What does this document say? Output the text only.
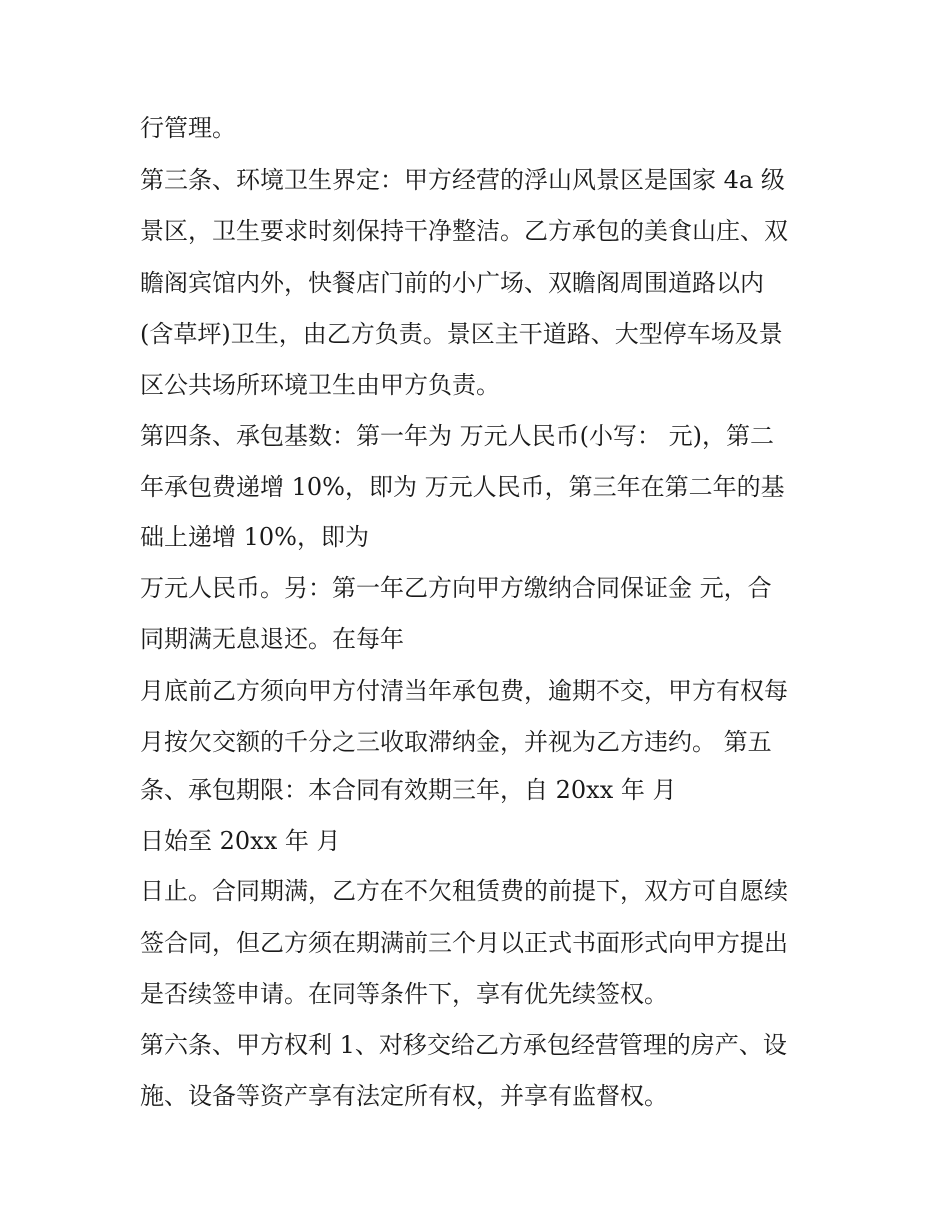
行管理。
第三条、环境卫生界定：甲方经营的浮山风景区是国家 4a 级
景区，卫生要求时刻保持干净整洁。乙方承包的美食山庄、双
瞻阁宾馆内外，快餐店门前的小广场、双瞻阁周围道路以内
(含草坪)卫生，由乙方负责。景区主干道路、大型停车场及景
区公共场所环境卫生由甲方负责。
第四条、承包基数：第一年为 万元人民币(小写： 元)，第二
年承包费递增 10%，即为 万元人民币，第三年在第二年的基
础上递增 10%，即为
万元人民币。另：第一年乙方向甲方缴纳合同保证金 元，合
同期满无息退还。在每年
月底前乙方须向甲方付清当年承包费，逾期不交，甲方有权每
月按欠交额的千分之三收取滞纳金，并视为乙方违约。 第五
条、承包期限：本合同有效期三年，自 20xx 年 月
日始至 20xx 年 月
日止。合同期满，乙方在不欠租赁费的前提下，双方可自愿续
签合同，但乙方须在期满前三个月以正式书面形式向甲方提出
是否续签申请。在同等条件下，享有优先续签权。
第六条、甲方权利 1、对移交给乙方承包经营管理的房产、设
施、设备等资产享有法定所有权，并享有监督权。
